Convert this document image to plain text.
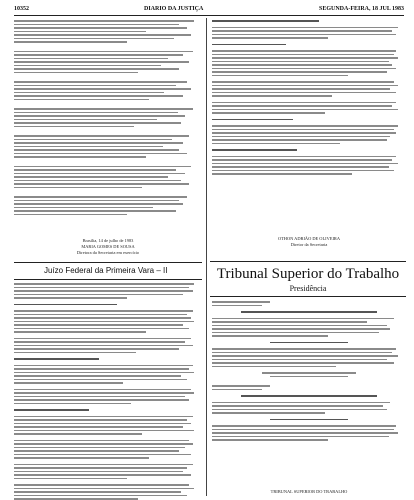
10352	DIARIO DA JUSTIÇA	SEGUNDA-FEIRA, 18 JUL 1983
Brasília, 14 de julho de 1983
MARIA GOMES DE SOUSA
Diretora da Secretaria em exercício
Juízo Federal da Primeira Vara – II
OTHON ADRIÃO DE OLIVEIRA
Diretor da Secretaria
Tribunal Superior do Trabalho
Presidência
TRIBUNAL SUPERIOR DO TRABALHO
